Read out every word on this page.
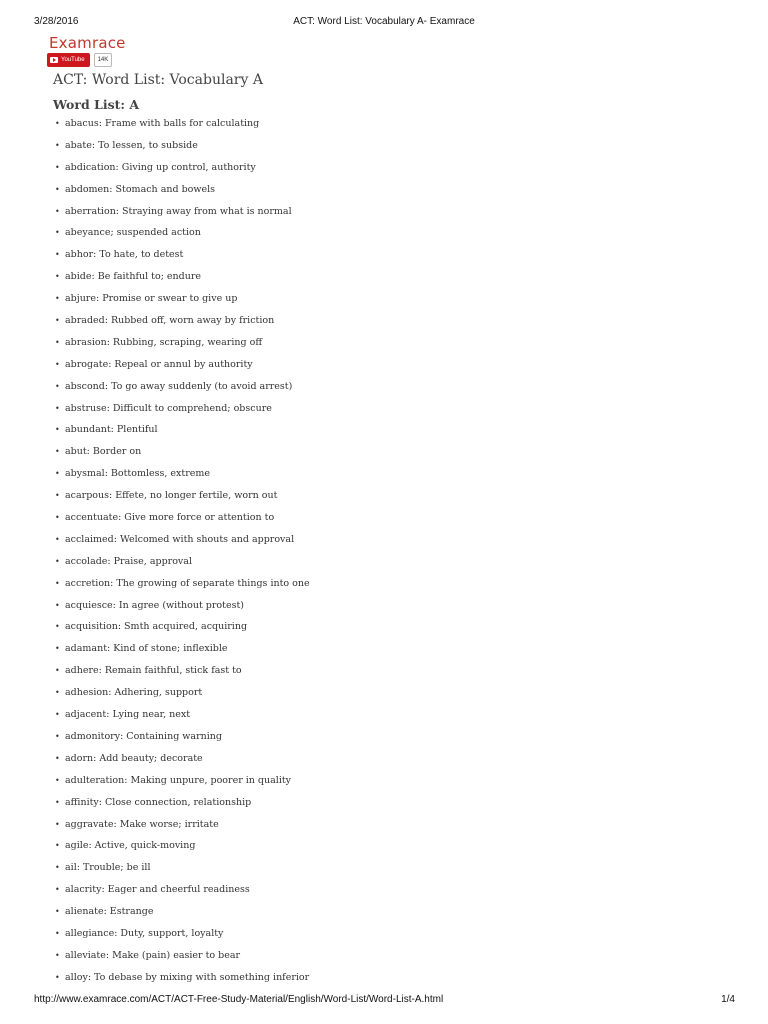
3/28/2016	ACT: Word List: Vocabulary A- Examrace
Examrace
YouTube	14K
ACT: Word List: Vocabulary A
Word List: A
• abacus: Frame with balls for calculating
• abate: To lessen, to subside
• abdication: Giving up control, authority
• abdomen: Stomach and bowels
• aberration: Straying away from what is normal
• abeyance; suspended action
• abhor: To hate, to detest
• abide: Be faithful to; endure
• abjure: Promise or swear to give up
• abraded: Rubbed off, worn away by friction
• abrasion: Rubbing, scraping, wearing off
• abrogate: Repeal or annul by authority
• abscond: To go away suddenly (to avoid arrest)
• abstruse: Difficult to comprehend; obscure
• abundant: Plentiful
• abut: Border on
• abysmal: Bottomless, extreme
• acarpous: Effete, no longer fertile, worn out
• accentuate: Give more force or attention to
• acclaimed: Welcomed with shouts and approval
• accolade: Praise, approval
• accretion: The growing of separate things into one
• acquiesce: In agree (without protest)
• acquisition: Smth acquired, acquiring
• adamant: Kind of stone; inflexible
• adhere: Remain faithful, stick fast to
• adhesion: Adhering, support
• adjacent: Lying near, next
• admonitory: Containing warning
• adorn: Add beauty; decorate
• adulteration: Making unpure, poorer in quality
• affinity: Close connection, relationship
• aggravate: Make worse; irritate
• agile: Active, quick-moving
• ail: Trouble; be ill
• alacrity: Eager and cheerful readiness
• alienate: Estrange
• allegiance: Duty, support, loyalty
• alleviate: Make (pain) easier to bear
• alloy: To debase by mixing with something inferior
http://www.examrace.com/ACT/ACT-Free-Study-Material/English/Word-List/Word-List-A.html	1/4
